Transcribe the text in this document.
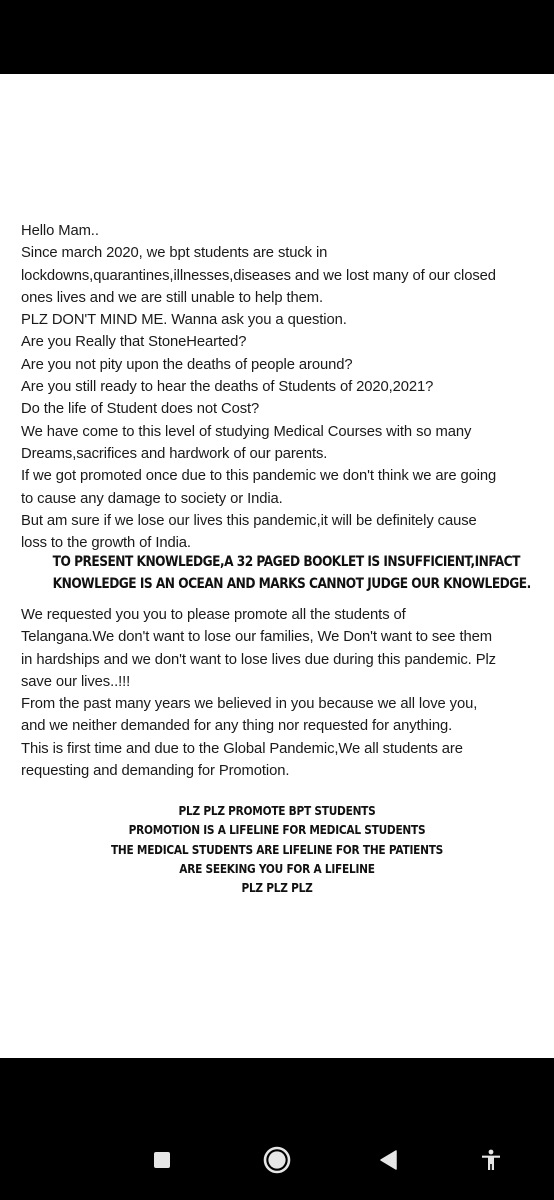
Hello Mam..
Since march 2020, we bpt students are stuck in
lockdowns,quarantines,illnesses,diseases and we lost many of our closed
ones lives and we are still unable to help them.
PLZ DON'T MIND ME. Wanna ask you a question.
Are you Really that StoneHearted?
Are you not pity upon the deaths of people around?
Are you still ready to hear the deaths of Students of 2020,2021?
Do the life of Student does not Cost?
We have come to this level of studying Medical Courses with so many
Dreams,sacrifices and hardwork of our parents.
If we got promoted once due to this pandemic we don't think we are going
to cause any damage to society or India.
But am sure if we lose our lives this pandemic,it will be definitely cause
loss to the growth of India.
TO PRESENT KNOWLEDGE,A 32 PAGED BOOKLET IS INSUFFICIENT,INFACT
KNOWLEDGE IS AN OCEAN AND MARKS CANNOT JUDGE OUR KNOWLEDGE.
We requested you you to please promote all the students of
Telangana.We don't want to lose our families, We Don't want to see them
in hardships and we don't want to lose lives due during this pandemic. Plz
save our lives..!!!
From the past many years we believed in you because we all love you,
and we neither demanded for any thing nor requested for anything.
This is first time and due to the Global Pandemic,We all students are
requesting and demanding for Promotion.
PLZ PLZ PROMOTE BPT STUDENTS
PROMOTION IS A LIFELINE FOR MEDICAL STUDENTS
THE MEDICAL STUDENTS ARE LIFELINE FOR THE PATIENTS
ARE SEEKING YOU FOR A LIFELINE
PLZ PLZ PLZ
